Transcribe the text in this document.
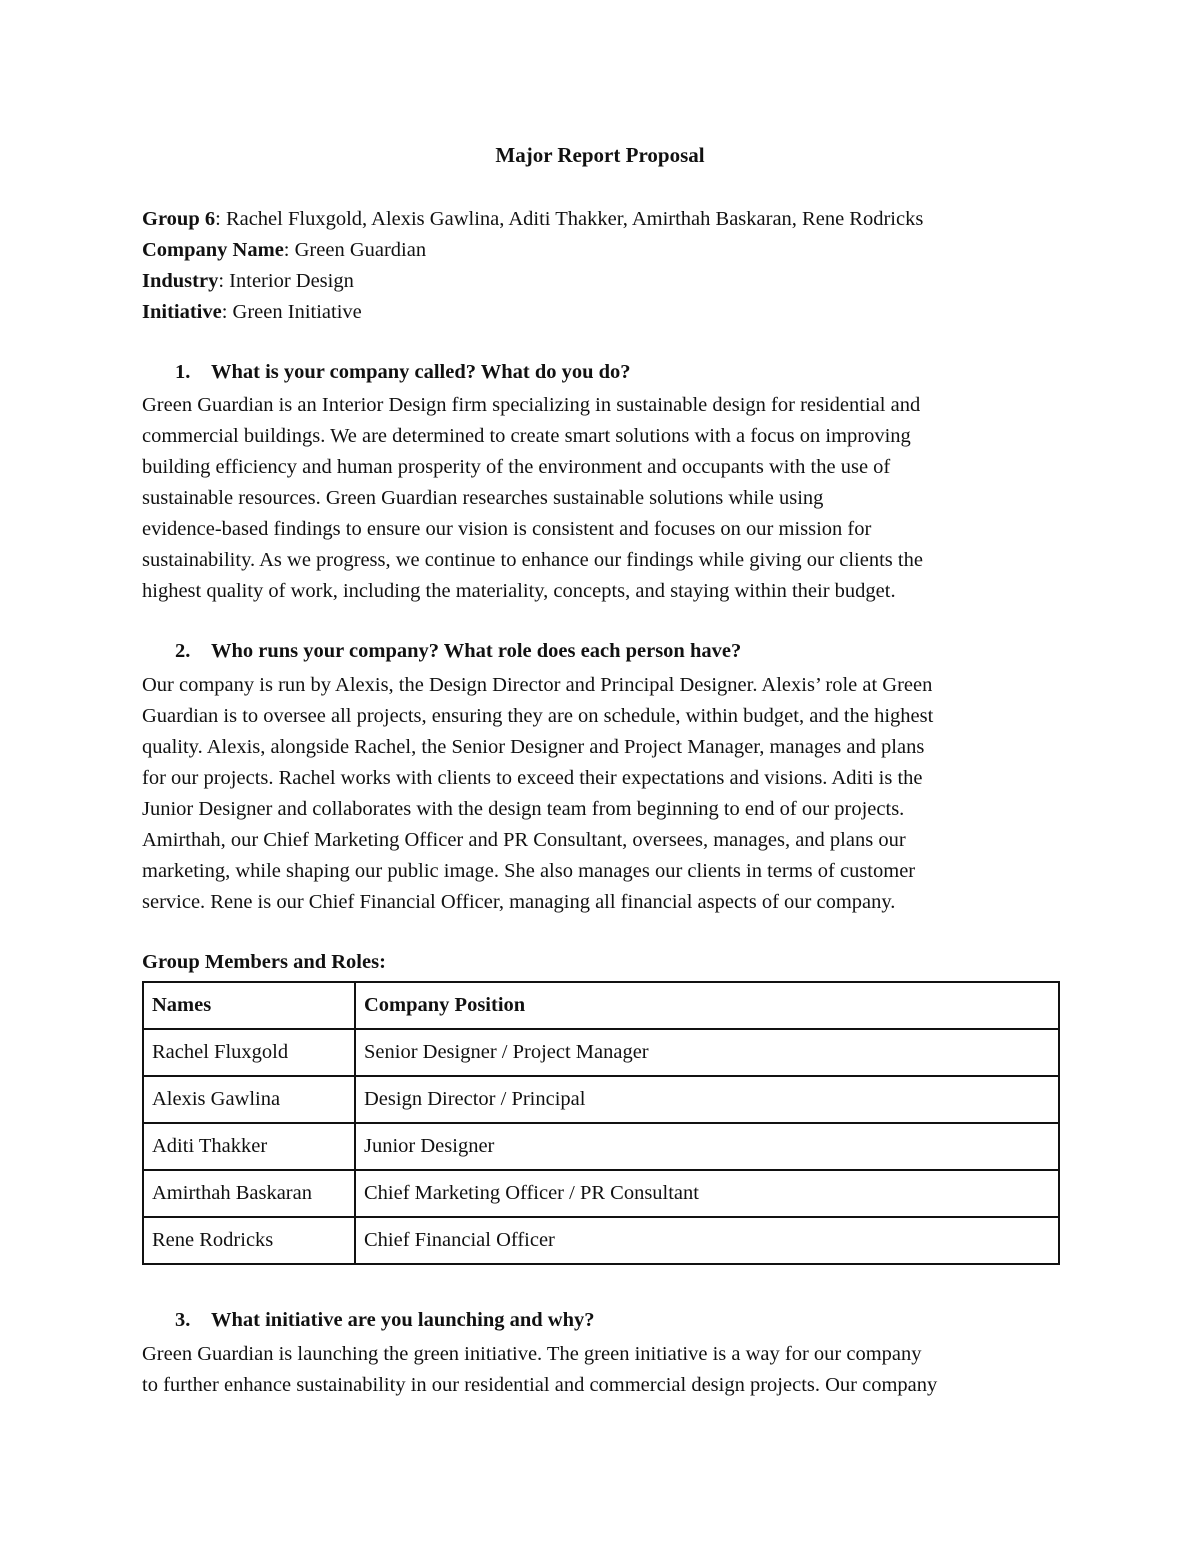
Major Report Proposal
Group 6: Rachel Fluxgold, Alexis Gawlina, Aditi Thakker, Amirthah Baskaran, Rene Rodricks
Company Name: Green Guardian
Industry: Interior Design
Initiative: Green Initiative
1. What is your company called? What do you do?
Green Guardian is an Interior Design firm specializing in sustainable design for residential and
commercial buildings. We are determined to create smart solutions with a focus on improving
building efficiency and human prosperity of the environment and occupants with the use of
sustainable resources. Green Guardian researches sustainable solutions while using
evidence-based findings to ensure our vision is consistent and focuses on our mission for
sustainability. As we progress, we continue to enhance our findings while giving our clients the
highest quality of work, including the materiality, concepts, and staying within their budget.
2. Who runs your company? What role does each person have?
Our company is run by Alexis, the Design Director and Principal Designer. Alexis’ role at Green
Guardian is to oversee all projects, ensuring they are on schedule, within budget, and the highest
quality. Alexis, alongside Rachel, the Senior Designer and Project Manager, manages and plans
for our projects. Rachel works with clients to exceed their expectations and visions. Aditi is the
Junior Designer and collaborates with the design team from beginning to end of our projects.
Amirthah, our Chief Marketing Officer and PR Consultant, oversees, manages, and plans our
marketing, while shaping our public image. She also manages our clients in terms of customer
service. Rene is our Chief Financial Officer, managing all financial aspects of our company.
Group Members and Roles:
Names	Company Position
Rachel Fluxgold	Senior Designer / Project Manager
Alexis Gawlina	Design Director / Principal
Aditi Thakker	Junior Designer
Amirthah Baskaran	Chief Marketing Officer / PR Consultant
Rene Rodricks	Chief Financial Officer
3. What initiative are you launching and why?
Green Guardian is launching the green initiative. The green initiative is a way for our company
to further enhance sustainability in our residential and commercial design projects. Our company
